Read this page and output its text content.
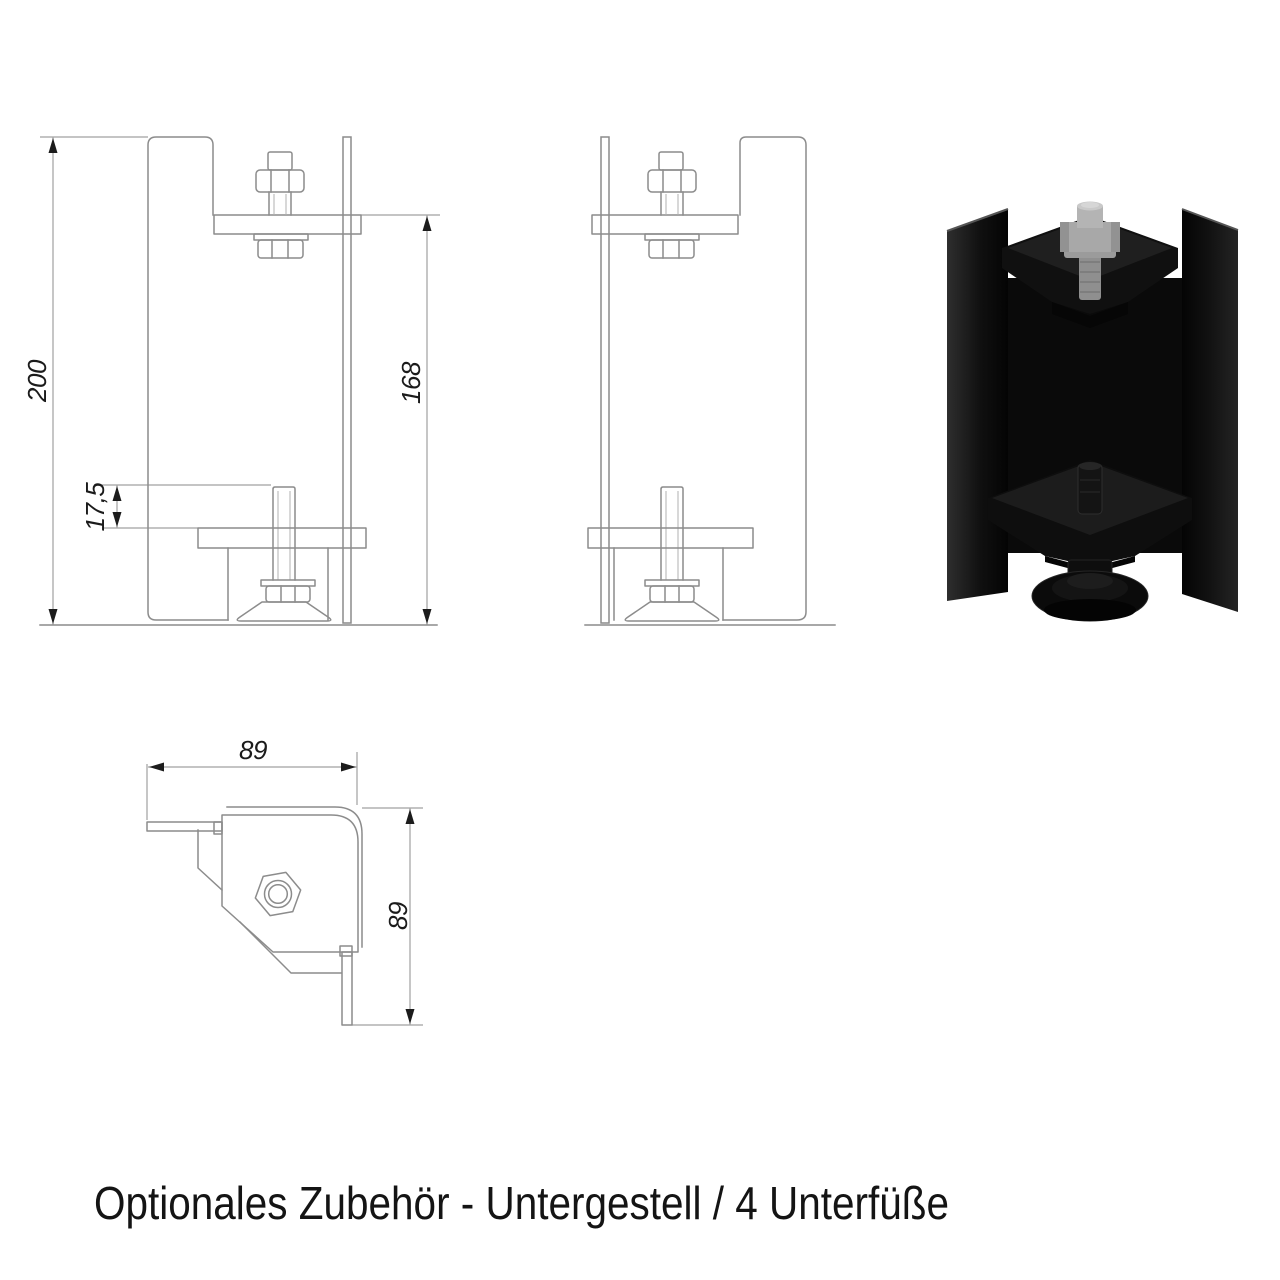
200	168
17,5
89
89
Optionales Zubehör - Untergestell / 4 Unterfüße
